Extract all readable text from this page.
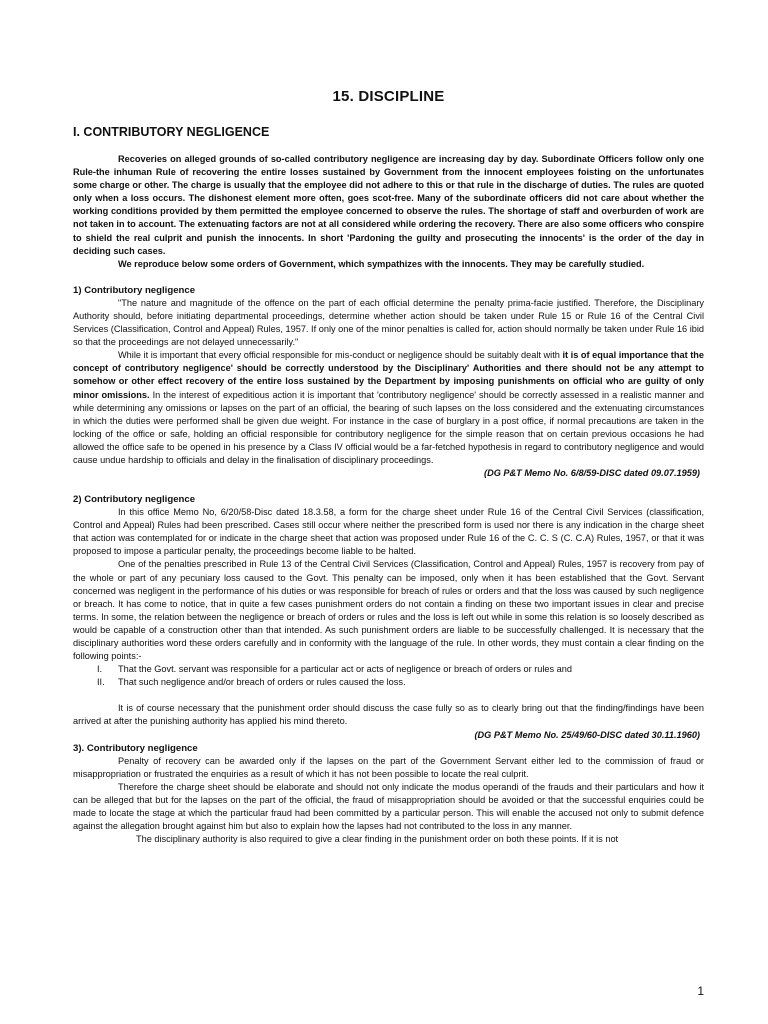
15. DISCIPLINE
I. CONTRIBUTORY NEGLIGENCE

Recoveries on alleged grounds of so-called contributory negligence are increasing day by day. Subordinate Officers follow only one Rule-the inhuman Rule of recovering the entire losses sustained by Government from the innocent employees foisting on the unfortunates some charge or other. The charge is usually that the employee did not adhere to this or that rule in the discharge of duties. The rules are quoted only when a loss occurs. The dishonest element more often, goes scot-free. Many of the subordinate officers did not care about whether the working conditions provided by them permitted the employee concerned to observe the rules. The shortage of staff and overburden of work are not taken in to account. The extenuating factors are not at all considered while ordering the recovery. There are also some officers who conspire to shield the real culprit and punish the innocents. In short 'Pardoning the guilty and prosecuting the innocents' is the order of the day in deciding such cases.

We reproduce below some orders of Government, which sympathizes with the innocents. They may be carefully studied.

1) Contributory negligence

"The nature and magnitude of the offence on the part of each official determine the penalty prima-facie justified. Therefore, the Disciplinary Authority should, before initiating departmental proceedings, determine whether action should be taken under Rule 15 or Rule 16 of the Central Civil Services (Classification, Control and Appeal) Rules, 1957. If only one of the minor penalties is called for, action should normally be taken under Rule 16 ibid so that the proceedings are not delayed unnecessarily."

While it is important that every official responsible for mis-conduct or negligence should be suitably dealt with it is of equal importance that the concept of contributory negligence' should be correctly understood by the Disciplinary' Authorities and there should not be any attempt to somehow or other effect recovery of the entire loss sustained by the Department by imposing punishments on official who are guilty of only minor omissions. In the interest of expeditious action it is important that 'contributory negligence' should be correctly assessed in a realistic manner and while determining any omissions or lapses on the part of an official, the bearing of such lapses on the loss considered and the extenuating circumstances in which the duties were performed shall be given due weight. For instance in the case of burglary in a post office, if normal precautions are taken in the locking of the office or safe, holding an official responsible for contributory negligence for the simple reason that on certain previous occasions he had allowed the office safe to be opened in his presence by a Class IV official would be a far-fetched hypothesis in regard to contributory negligence and would cause undue hardship to officials and delay in the finalisation of disciplinary proceedings.

(DG P&T Memo No. 6/8/59-DISC dated 09.07.1959)
2) Contributory negligence

In this office Memo No, 6/20/58-Disc dated 18.3.58, a form for the charge sheet under Rule 16 of the Central Civil Services (classification, Control and Appeal) Rules had been prescribed. Cases still occur where neither the prescribed form is used nor there is any indication in the charge sheet that action was contemplated for or indicate in the charge sheet that action was proposed under Rule 16 of the C. C. S (C. C.A) Rules, 1957, or that it was proposed to impose a particular penalty, the proceedings become liable to be halted.

One of the penalties prescribed in Rule 13 of the Central Civil Services (Classification, Control and Appeal) Rules, 1957 is recovery from pay of the whole or part of any pecuniary loss caused to the Govt. This penalty can be imposed, only when it has been established that the Govt. Servant concerned was negligent in the performance of his duties or was responsible for breach of rules or orders and that the loss was caused by such negligence or breach. It has come to notice, that in quite a few cases punishment orders do not contain a finding on these two important issues in clear and precise terms. In some, the relation between the negligence or breach of orders or rules and the loss is left out while in some this relation is so loosely described as would be capable of a construction other than that intended. As such punishment orders are liable to be successfully challenged. It is necessary that the disciplinary authorities word these orders carefully and in conformity with the language of the rule. In other words, they must contain a clear finding on the following points:-

I. That the Govt. servant was responsible for a particular act or acts of negligence or breach of orders or rules and
II. That such negligence and/or breach of orders or rules caused the loss.

It is of course necessary that the punishment order should discuss the case fully so as to clearly bring out that the finding/findings have been arrived at after the punishing authority has applied his mind thereto.

(DG P&T Memo No. 25/49/60-DISC dated 30.11.1960)
3). Contributory negligence

Penalty of recovery can be awarded only if the lapses on the part of the Government Servant either led to the commission of fraud or misappropriation or frustrated the enquiries as a result of which it has not been possible to locate the real culprit.

Therefore the charge sheet should be elaborate and should not only indicate the modus operandi of the frauds and their particulars and how it can be alleged that but for the lapses on the part of the official, the fraud of misappropriation should be avoided or that the successful enquiries could be made to locate the stage at which the particular fraud had been committed by a particular person. This will enable the accused not only to submit defence against the allegation brought against him but also to explain how the lapses had not contributed to the loss in any manner.

The disciplinary authority is also required to give a clear finding in the punishment order on both these points. If it is not

1
